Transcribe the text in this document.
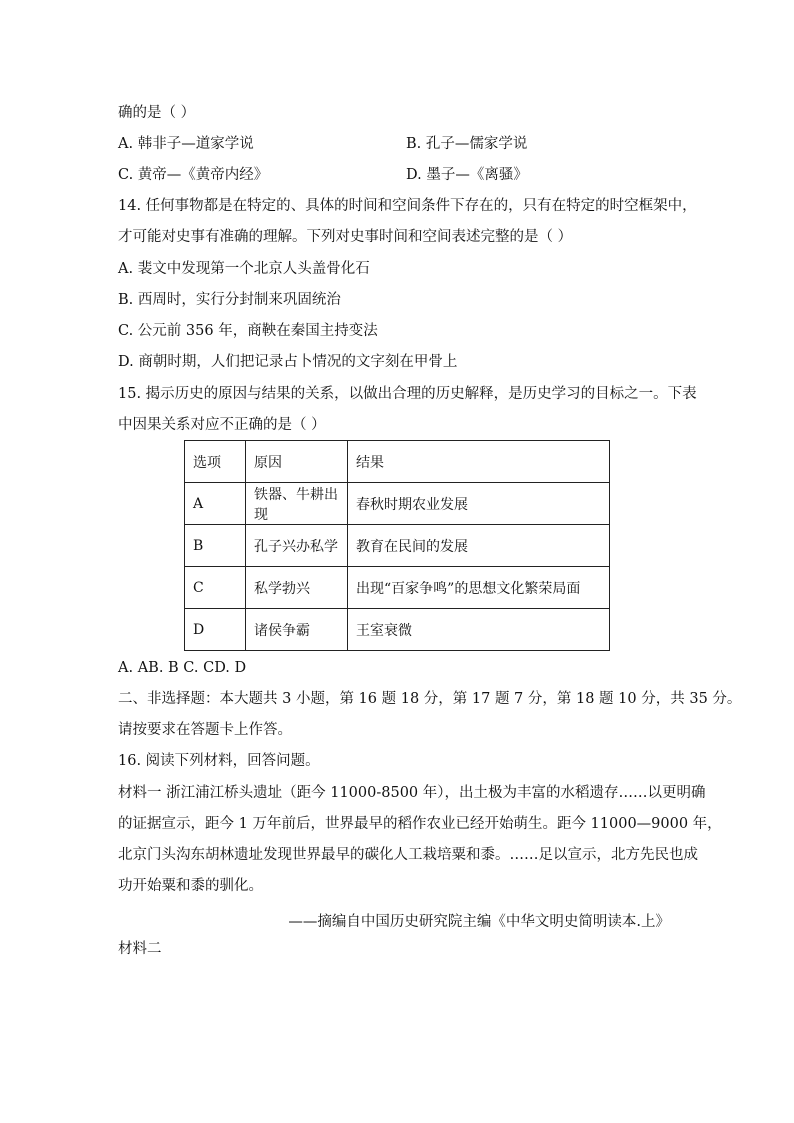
确的是（ ）
A. 韩非子—道家学说	B. 孔子—儒家学说
C. 黄帝—《黄帝内经》	D. 墨子—《离骚》
14. 任何事物都是在特定的、具体的时间和空间条件下存在的，只有在特定的时空框架中，
才可能对史事有准确的理解。下列对史事时间和空间表述完整的是（ ）
A. 裴文中发现第一个北京人头盖骨化石
B. 西周时，实行分封制来巩固统治
C. 公元前 356 年，商鞅在秦国主持变法
D. 商朝时期，人们把记录占卜情况的文字刻在甲骨上
15. 揭示历史的原因与结果的关系，以做出合理的历史解释，是历史学习的目标之一。下表
中因果关系对应不正确的是（ ）
选项	原因	结果
A	铁器、牛耕出现	春秋时期农业发展
B	孔子兴办私学	教育在民间的发展
C	私学勃兴	出现“百家争鸣”的思想文化繁荣局面
D	诸侯争霸	王室衰微
A. AB. B C. CD. D
二、非选择题：本大题共 3 小题，第 16 题 18 分，第 17 题 7 分，第 18 题 10 分，共 35 分。
请按要求在答题卡上作答。
16. 阅读下列材料，回答问题。
材料一 浙江浦江桥头遗址（距今 11000-8500 年），出土极为丰富的水稻遗存……以更明确
的证据宣示，距今 1 万年前后，世界最早的稻作农业已经开始萌生。距今 11000—9000 年，
北京门头沟东胡林遗址发现世界最早的碳化人工栽培粟和黍。……足以宣示，北方先民也成
功开始粟和黍的驯化。
——摘编自中国历史研究院主编《中华文明史简明读本.上》
材料二
